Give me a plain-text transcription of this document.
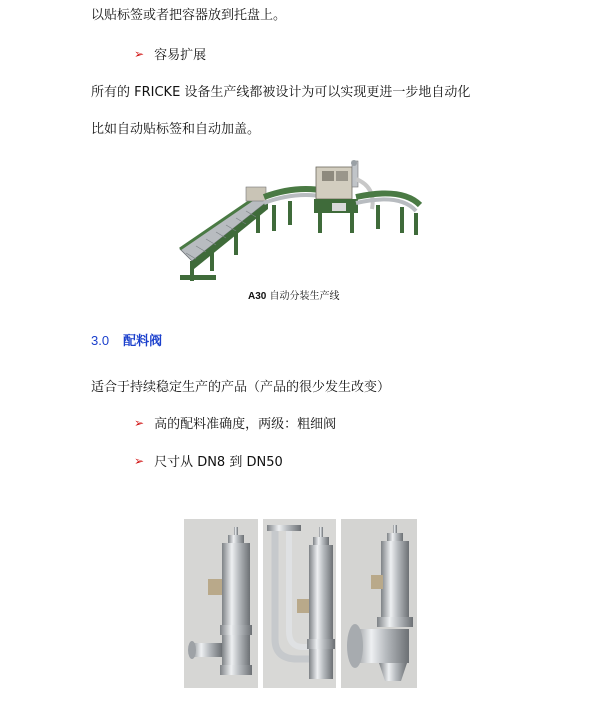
以贴标签或者把容器放到托盘上。
➢ 容易扩展
所有的 FRICKE 设备生产线都被设计为可以实现更进一步地自动化
比如自动贴标签和自动加盖。
A30 自动分装生产线
3.0 配料阀
适合于持续稳定生产的产品（产品的很少发生改变）
➢ 高的配料准确度，两级：粗细阀
➢ 尺寸从 DN8 到 DN50
